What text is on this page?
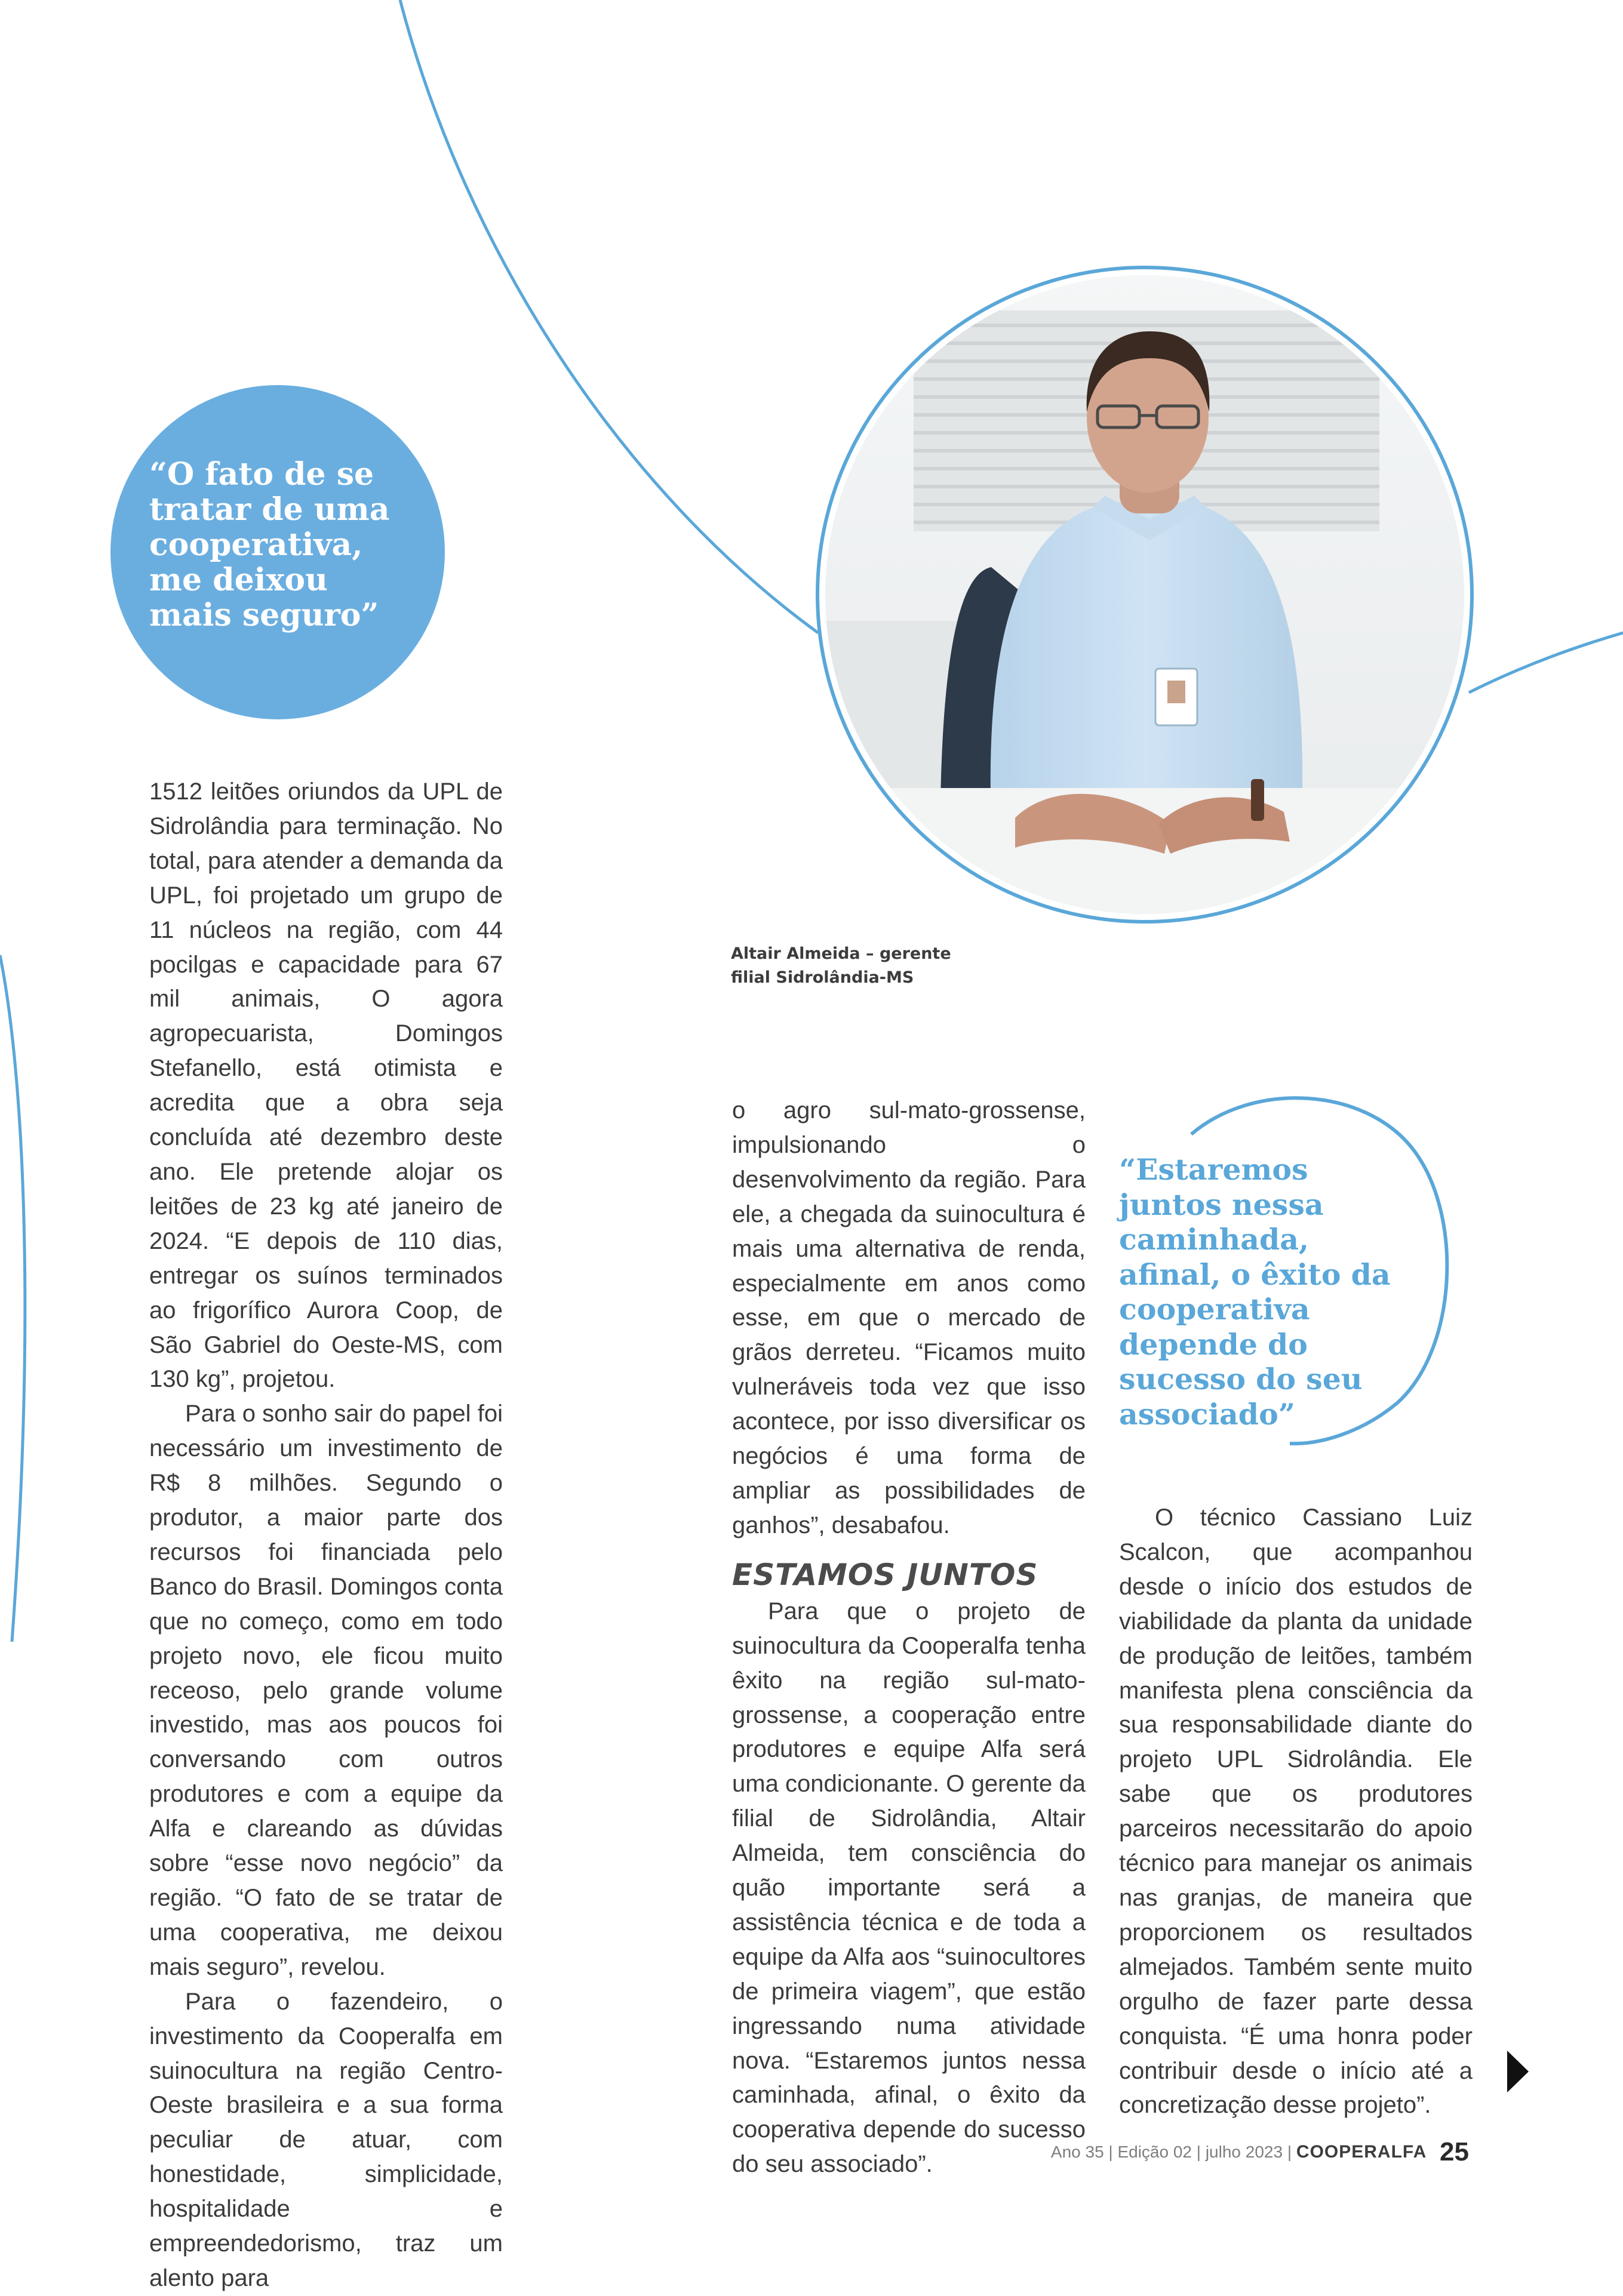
“O fato de se tratar de uma cooperativa, me deixou mais seguro”

1512 leitões oriundos da UPL de Sidrolândia para terminação. No total, para atender a demanda da UPL, foi projetado um grupo de 11 núcleos na região, com 44 pocilgas e capacidade para 67 mil animais, O agora agropecuarista, Domingos Stefanello, está otimista e acredita que a obra seja concluída até dezembro deste ano. Ele pretende alojar os leitões de 23 kg até janeiro de 2024. “E depois de 110 dias, entregar os suínos terminados ao frigorífico Aurora Coop, de São Gabriel do Oeste-MS, com 130 kg”, projetou.

Para o sonho sair do papel foi necessário um investimento de R$ 8 milhões. Segundo o produtor, a maior parte dos recursos foi financiada pelo Banco do Brasil. Domingos conta que no começo, como em todo projeto novo, ele ficou muito receoso, pelo grande volume investido, mas aos poucos foi conversando com outros produtores e com a equipe da Alfa e clareando as dúvidas sobre “esse novo negócio” da região. “O fato de se tratar de uma cooperativa, me deixou mais seguro”, revelou.

Para o fazendeiro, o investimento da Cooperalfa em suinocultura na região Centro-Oeste brasileira e a sua forma peculiar de atuar, com honestidade, simplicidade, hospitalidade e empreendedorismo, traz um alento para

Altair Almeida – gerente
filial Sidrolândia-MS

o agro sul-mato-grossense, impulsionando o desenvolvimento da região. Para ele, a chegada da suinocultura é mais uma alternativa de renda, especialmente em anos como esse, em que o mercado de grãos derreteu. “Ficamos muito vulneráveis toda vez que isso acontece, por isso diversificar os negócios é uma forma de ampliar as possibilidades de ganhos”, desabafou.

ESTAMOS JUNTOS

Para que o projeto de suinocultura da Cooperalfa tenha êxito na região sul-mato-grossense, a cooperação entre produtores e equipe Alfa será uma condicionante. O gerente da filial de Sidrolândia, Altair Almeida, tem consciência do quão importante será a assistência técnica e de toda a equipe da Alfa aos “suinocultores de primeira viagem”, que estão ingressando numa atividade nova. “Estaremos juntos nessa caminhada, afinal, o êxito da cooperativa depende do sucesso do seu associado”.

“Estaremos juntos nessa caminhada, afinal, o êxito da cooperativa depende do sucesso do seu associado”

O técnico Cassiano Luiz Scalcon, que acompanhou desde o início dos estudos de viabilidade da planta da unidade de produção de leitões, também manifesta plena consciência da sua responsabilidade diante do projeto UPL Sidrolândia. Ele sabe que os produtores parceiros necessitarão do apoio técnico para manejar os animais nas granjas, de maneira que proporcionem os resultados almejados. Também sente muito orgulho de fazer parte dessa conquista. “É uma honra poder contribuir desde o início até a concretização desse projeto”.

Ano 35 | Edição 02 | julho 2023 | COOPERALFA 25
